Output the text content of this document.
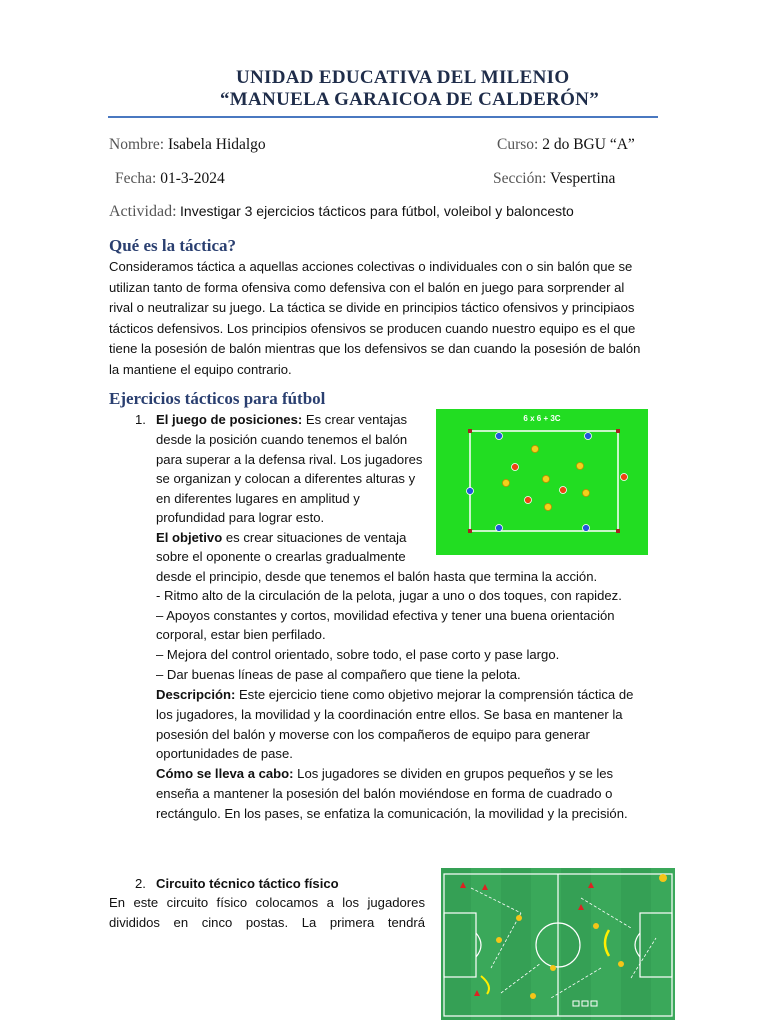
UNIDAD EDUCATIVA DEL MILENIO
“MANUELA GARAICOA DE CALDERÓN”
Nombre: Isabela Hidalgo	Curso: 2 do BGU “A”
Fecha: 01-3-2024	Sección: Vespertina
Actividad: Investigar 3 ejercicios tácticos para fútbol, voleibol y baloncesto
Qué es la táctica?
Consideramos táctica a aquellas acciones colectivas o individuales con o sin balón que se
utilizan tanto de forma ofensiva como defensiva con el balón en juego para sorprender al
rival o neutralizar su juego. La táctica se divide en principios táctico ofensivos y principiaos
tácticos defensivos. Los principios ofensivos se producen cuando nuestro equipo es el que
tiene la posesión de balón mientras que los defensivos se dan cuando la posesión de balón
la mantiene el equipo contrario.
Ejercicios tácticos para fútbol
1. El juego de posiciones: Es crear ventajas
desde la posición cuando tenemos el balón
para superar a la defensa rival. Los jugadores
se organizan y colocan a diferentes alturas y
en diferentes lugares en amplitud y
profundidad para lograr esto.
El objetivo es crear situaciones de ventaja
sobre el oponente o crearlas gradualmente
desde el principio, desde que tenemos el balón hasta que termina la acción.
- Ritmo alto de la circulación de la pelota, jugar a uno o dos toques, con rapidez.
– Apoyos constantes y cortos, movilidad efectiva y tener una buena orientación
corporal, estar bien perfilado.
– Mejora del control orientado, sobre todo, el pase corto y pase largo.
– Dar buenas líneas de pase al compañero que tiene la pelota.
Descripción: Este ejercicio tiene como objetivo mejorar la comprensión táctica de
los jugadores, la movilidad y la coordinación entre ellos. Se basa en mantener la
posesión del balón y moverse con los compañeros de equipo para generar
oportunidades de pase.
Cómo se lleva a cabo: Los jugadores se dividen en grupos pequeños y se les
enseña a mantener la posesión del balón moviéndose en forma de cuadrado o
rectángulo. En los pases, se enfatiza la comunicación, la movilidad y la precisión.
6 x 6 + 3C
2. Circuito técnico táctico físico
En este circuito físico colocamos a los jugadores
divididos en cinco postas. La primera tendrá
